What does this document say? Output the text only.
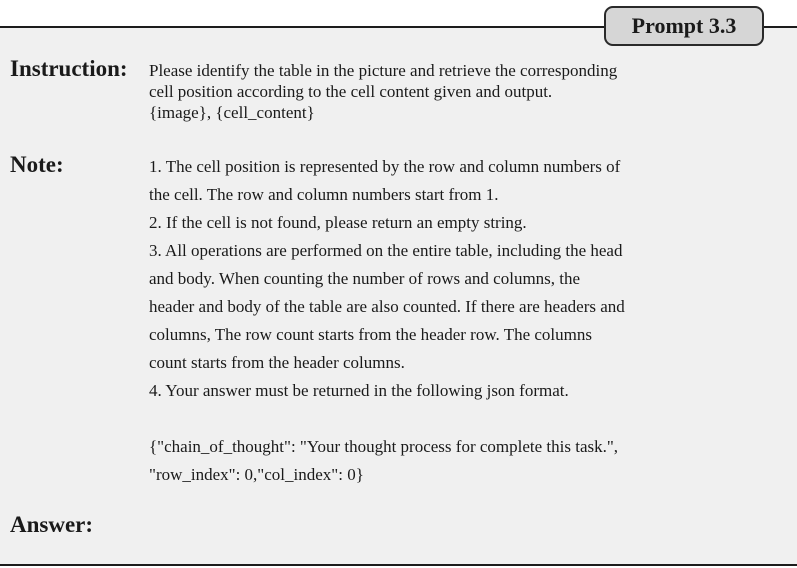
Prompt 3.3
Instruction: Please identify the table in the picture and retrieve the corresponding
cell position according to the cell content given and output.
{image}, {cell_content}
Note:	1. The cell position is represented by the row and column numbers of
the cell. The row and column numbers start from 1.
2. If the cell is not found, please return an empty string.
3. All operations are performed on the entire table, including the head
and body. When counting the number of rows and columns, the
header and body of the table are also counted. If there are headers and
columns, The row count starts from the header row. The columns
count starts from the header columns.
4. Your answer must be returned in the following json format.
{"chain_of_thought": "Your thought process for complete this task.",
"row_index": 0,"col_index": 0}
Answer:
